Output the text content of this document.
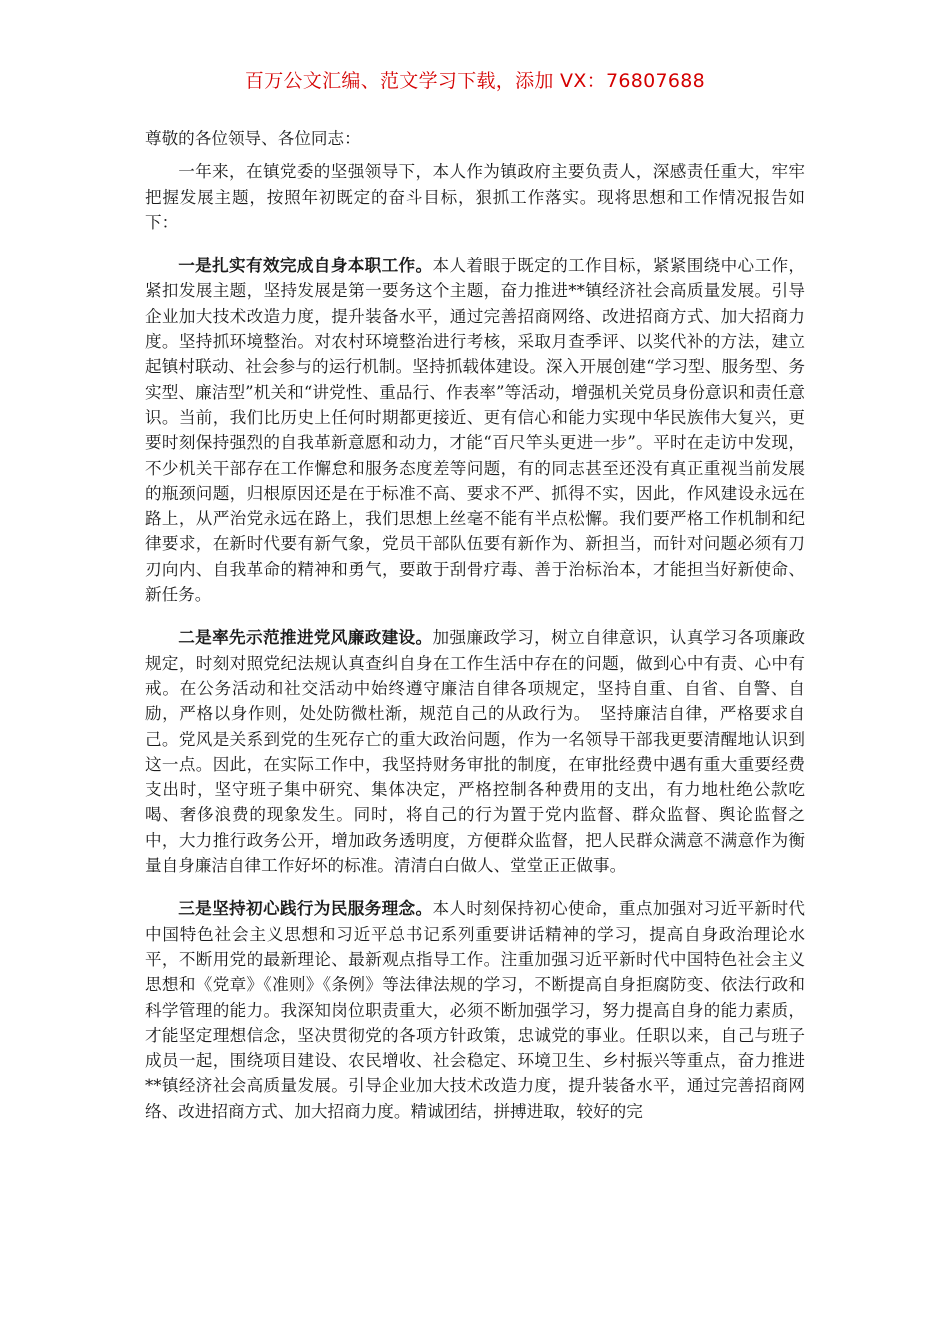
百万公文汇编、范文学习下载，添加 VX：76807688

尊敬的各位领导、各位同志：

一年来，在镇党委的坚强领导下，本人作为镇政府主要负责人，深感责任重大，牢牢把握发展主题，按照年初既定的奋斗目标，狠抓工作落实。现将思想和工作情况报告如下：

一是扎实有效完成自身本职工作。本人着眼于既定的工作目标，紧紧围绕中心工作，紧扣发展主题，坚持发展是第一要务这个主题，奋力推进**镇经济社会高质量发展。引导企业加大技术改造力度，提升装备水平，通过完善招商网络、改进招商方式、加大招商力度。坚持抓环境整治。对农村环境整治进行考核，采取月查季评、以奖代补的方法，建立起镇村联动、社会参与的运行机制。坚持抓载体建设。深入开展创建“学习型、服务型、务实型、廉洁型”机关和“讲党性、重品行、作表率”等活动，增强机关党员身份意识和责任意识。当前，我们比历史上任何时期都更接近、更有信心和能力实现中华民族伟大复兴，更要时刻保持强烈的自我革新意愿和动力，才能“百尺竿头更进一步”。平时在走访中发现，不少机关干部存在工作懈怠和服务态度差等问题，有的同志甚至还没有真正重视当前发展的瓶颈问题，归根原因还是在于标准不高、要求不严、抓得不实，因此，作风建设永远在路上，从严治党永远在路上，我们思想上丝毫不能有半点松懈。我们要严格工作机制和纪律要求，在新时代要有新气象，党员干部队伍要有新作为、新担当，而针对问题必须有刀刃向内、自我革命的精神和勇气，要敢于刮骨疗毒、善于治标治本，才能担当好新使命、新任务。

二是率先示范推进党风廉政建设。加强廉政学习，树立自律意识，认真学习各项廉政规定，时刻对照党纪法规认真查纠自身在工作生活中存在的问题，做到心中有责、心中有戒。在公务活动和社交活动中始终遵守廉洁自律各项规定，坚持自重、自省、自警、自励，严格以身作则，处处防微杜渐，规范自己的从政行为。　坚持廉洁自律，严格要求自己。党风是关系到党的生死存亡的重大政治问题，作为一名领导干部我更要清醒地认识到这一点。因此，在实际工作中，我坚持财务审批的制度，在审批经费中遇有重大重要经费支出时，坚守班子集中研究、集体决定，严格控制各种费用的支出，有力地杜绝公款吃喝、奢侈浪费的现象发生。同时，将自己的行为置于党内监督、群众监督、舆论监督之中，大力推行政务公开，增加政务透明度，方便群众监督，把人民群众满意不满意作为衡量自身廉洁自律工作好坏的标准。清清白白做人、堂堂正正做事。

三是坚持初心践行为民服务理念。本人时刻保持初心使命，重点加强对习近平新时代中国特色社会主义思想和习近平总书记系列重要讲话精神的学习，提高自身政治理论水平，不断用党的最新理论、最新观点指导工作。注重加强习近平新时代中国特色社会主义思想和《党章》《准则》《条例》等法律法规的学习，不断提高自身拒腐防变、依法行政和科学管理的能力。我深知岗位职责重大，必须不断加强学习，努力提高自身的能力素质，才能坚定理想信念，坚决贯彻党的各项方针政策，忠诚党的事业。任职以来，自己与班子成员一起，围绕项目建设、农民增收、社会稳定、环境卫生、乡村振兴等重点，奋力推进**镇经济社会高质量发展。引导企业加大技术改造力度，提升装备水平，通过完善招商网络、改进招商方式、加大招商力度。精诚团结，拼搏进取，较好的完
